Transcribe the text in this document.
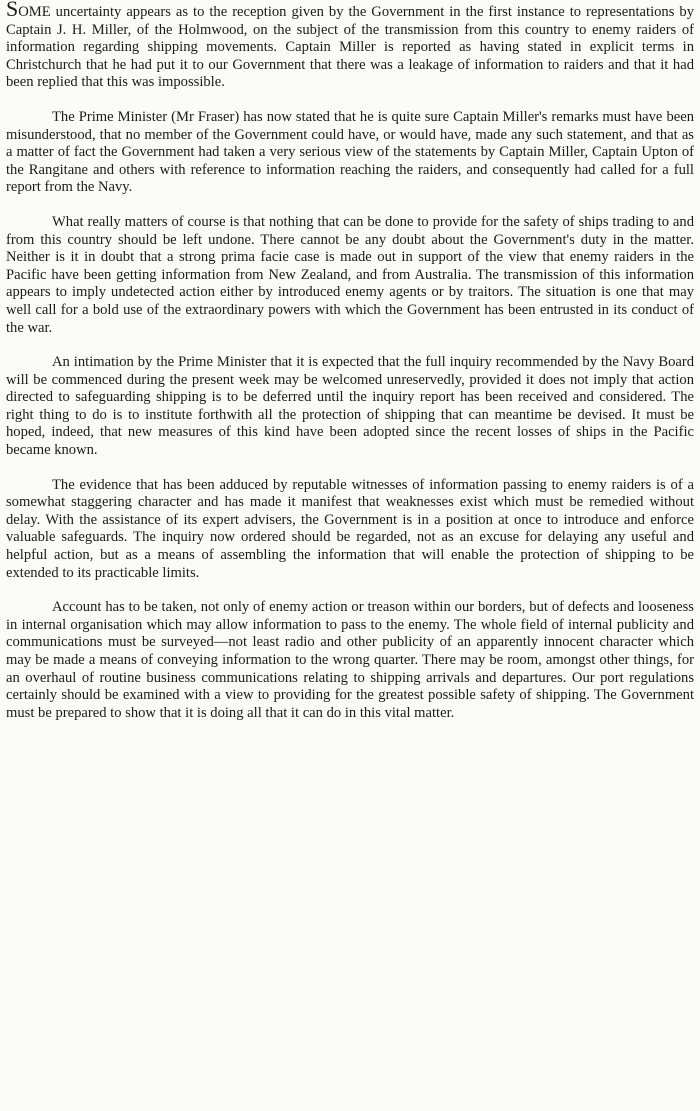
SOME uncertainty appears as to the reception given by the Government in the first instance to representations by Captain J. H. Miller, of the Holmwood, on the subject of the transmission from this country to enemy raiders of information regarding shipping movements. Captain Miller is reported as having stated in explicit terms in Christchurch that he had put it to our Government that there was a leakage of information to raiders and that it had been replied that this was impossible.

The Prime Minister (Mr Fraser) has now stated that he is quite sure Captain Miller's remarks must have been misunderstood, that no member of the Government could have, or would have, made any such statement, and that as a matter of fact the Government had taken a very serious view of the statements by Captain Miller, Captain Upton of the Rangitane and others with reference to information reaching the raiders, and consequently had called for a full report from the Navy.

What really matters of course is that nothing that can be done to provide for the safety of ships trading to and from this country should be left undone. There cannot be any doubt about the Government's duty in the matter. Neither is it in doubt that a strong prima facie case is made out in support of the view that enemy raiders in the Pacific have been getting information from New Zealand, and from Australia. The transmission of this information appears to imply undetected action either by introduced enemy agents or by traitors. The situation is one that may well call for a bold use of the extraordinary powers with which the Government has been entrusted in its conduct of the war.

An intimation by the Prime Minister that it is expected that the full inquiry recommended by the Navy Board will be commenced during the present week may be welcomed unreservedly, provided it does not imply that action directed to safeguarding shipping is to be deferred until the inquiry report has been received and considered. The right thing to do is to institute forthwith all the protection of shipping that can meantime be devised. It must be hoped, indeed, that new measures of this kind have been adopted since the recent losses of ships in the Pacific became known.

The evidence that has been adduced by reputable witnesses of information passing to enemy raiders is of a somewhat staggering character and has made it manifest that weaknesses exist which must be remedied without delay. With the assistance of its expert advisers, the Government is in a position at once to introduce and enforce valuable safeguards. The inquiry now ordered should be regarded, not as an excuse for delaying any useful and helpful action, but as a means of assembling the information that will enable the protection of shipping to be extended to its practicable limits.

Account has to be taken, not only of enemy action or treason within our borders, but of defects and looseness in internal organisation which may allow information to pass to the enemy. The whole field of internal publicity and communications must be surveyed—not least radio and other publicity of an apparently innocent character which may be made a means of conveying information to the wrong quarter. There may be room, amongst other things, for an overhaul of routine business communications relating to shipping arrivals and departures. Our port regulations certainly should be examined with a view to providing for the greatest possible safety of shipping. The Government must be prepared to show that it is doing all that it can do in this vital matter.
